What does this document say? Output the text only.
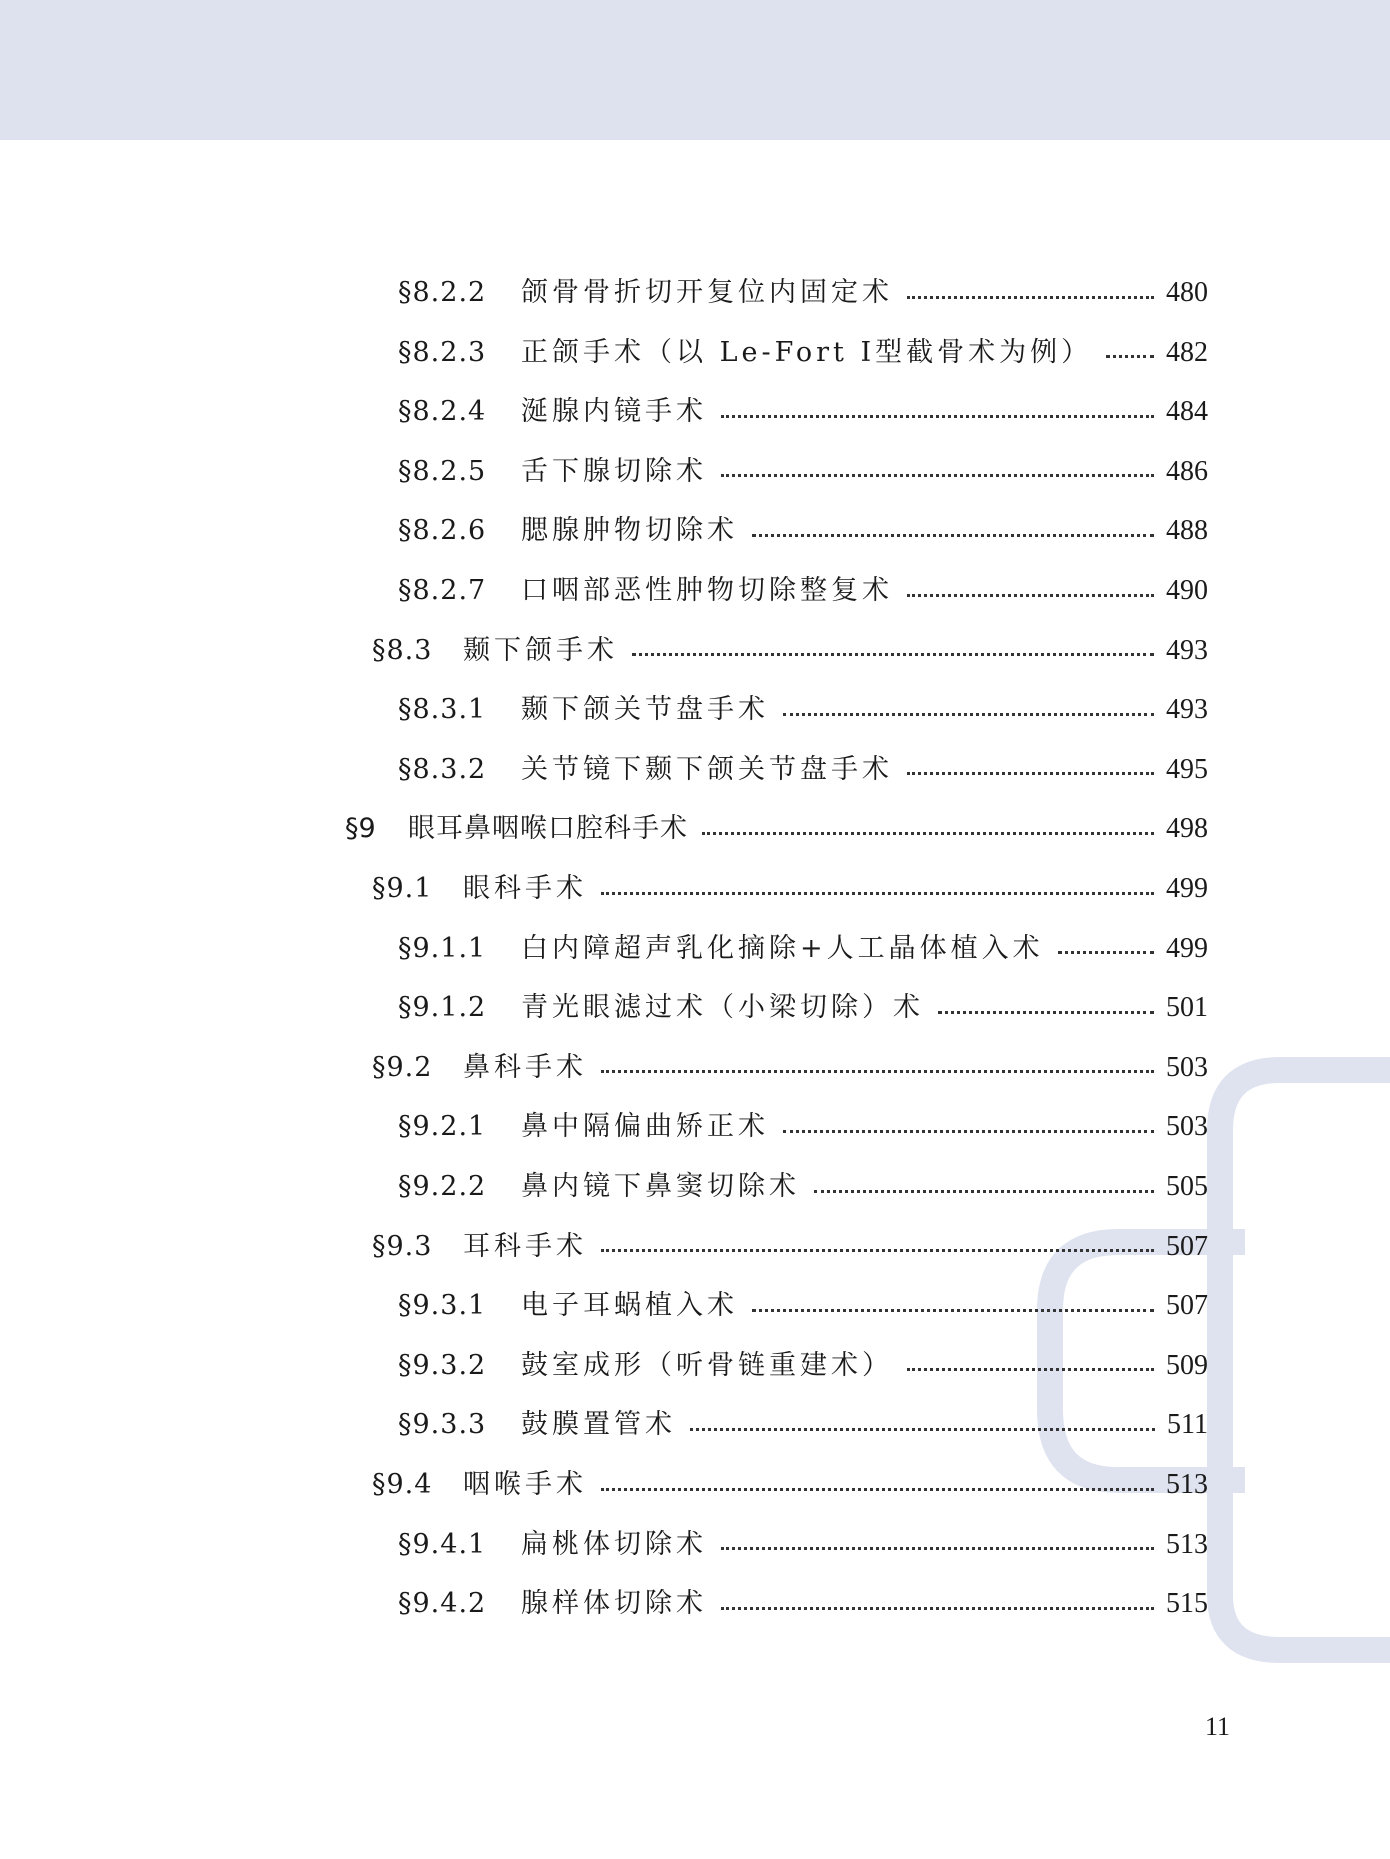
§8.2.2	颌骨骨折切开复位内固定术	480
§8.2.3	正颌手术（以 Le-Fort Ⅰ型截骨术为例）	482
§8.2.4	涎腺内镜手术	484
§8.2.5	舌下腺切除术	486
§8.2.6	腮腺肿物切除术	488
§8.2.7	口咽部恶性肿物切除整复术	490
§8.3	颞下颌手术	493
§8.3.1	颞下颌关节盘手术	493
§8.3.2	关节镜下颞下颌关节盘手术	495
§9	眼耳鼻咽喉口腔科手术	498
§9.1	眼科手术	499
§9.1.1	白内障超声乳化摘除+人工晶体植入术	499
§9.1.2	青光眼滤过术（小梁切除）术	501
§9.2	鼻科手术	503
§9.2.1	鼻中隔偏曲矫正术	503
§9.2.2	鼻内镜下鼻窦切除术	505
§9.3	耳科手术	507
§9.3.1	电子耳蜗植入术	507
§9.3.2	鼓室成形（听骨链重建术）	509
§9.3.3	鼓膜置管术	511
§9.4	咽喉手术	513
§9.4.1	扁桃体切除术	513
§9.4.2	腺样体切除术	515
11
